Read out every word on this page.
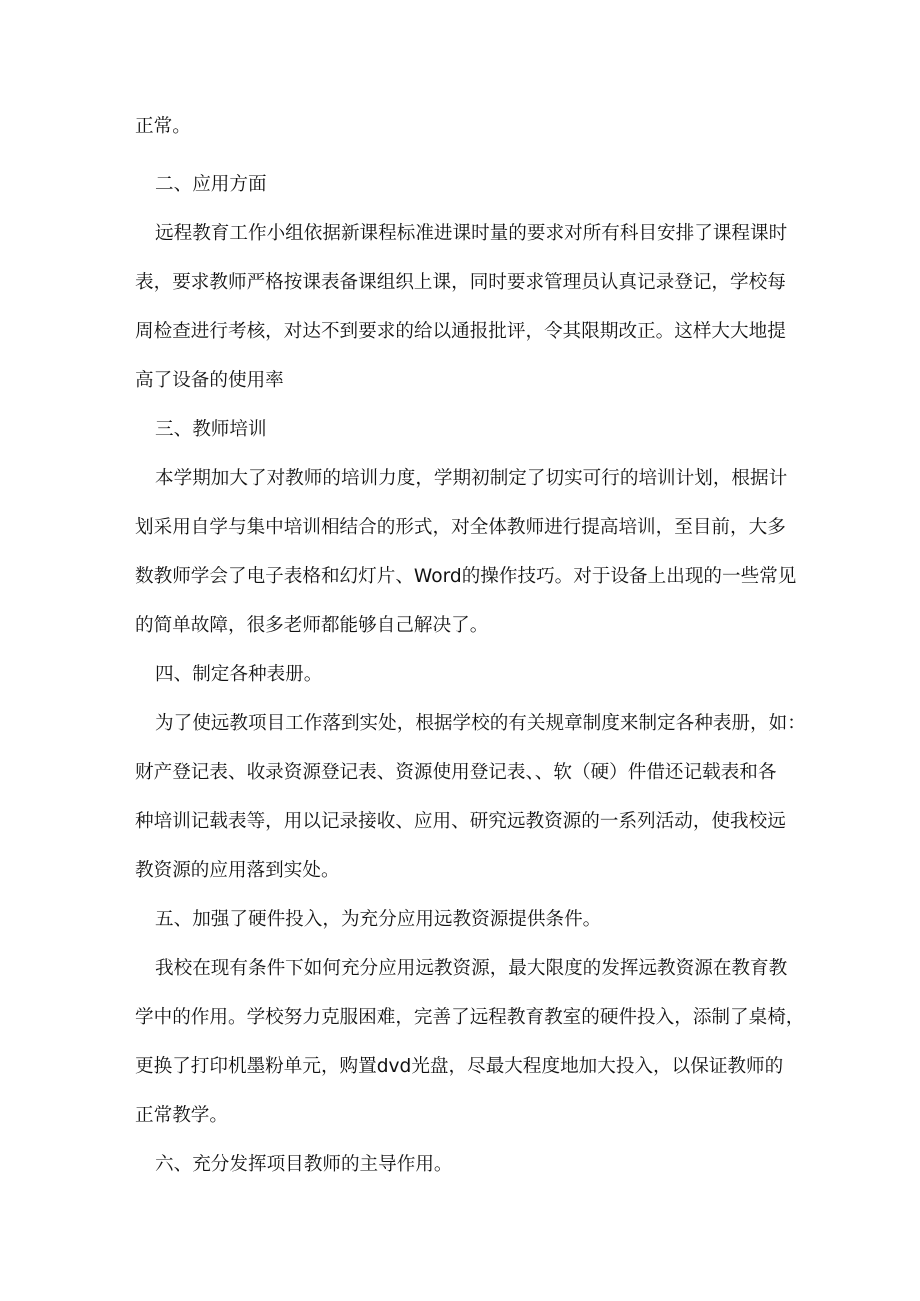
正常。
二、应用方面
远程教育工作小组依据新课程标准进课时量的要求对所有科目安排了课程课时
表，要求教师严格按课表备课组织上课，同时要求管理员认真记录登记，学校每
周检查进行考核，对达不到要求的给以通报批评，令其限期改正。这样大大地提
高了设备的使用率
三、教师培训
本学期加大了对教师的培训力度，学期初制定了切实可行的培训计划，根据计
划采用自学与集中培训相结合的形式，对全体教师进行提高培训，至目前，大多
数教师学会了电子表格和幻灯片、Word的操作技巧。对于设备上出现的一些常见
的简单故障，很多老师都能够自己解决了。
四、制定各种表册。
为了使远教项目工作落到实处，根据学校的有关规章制度来制定各种表册，如：
财产登记表、收录资源登记表、资源使用登记表、、软（硬）件借还记载表和各
种培训记载表等，用以记录接收、应用、研究远教资源的一系列活动，使我校远
教资源的应用落到实处。
五、加强了硬件投入，为充分应用远教资源提供条件。
我校在现有条件下如何充分应用远教资源，最大限度的发挥远教资源在教育教
学中的作用。学校努力克服困难，完善了远程教育教室的硬件投入，添制了桌椅，
更换了打印机墨粉单元，购置dvd光盘，尽最大程度地加大投入，以保证教师的
正常教学。
六、充分发挥项目教师的主导作用。
